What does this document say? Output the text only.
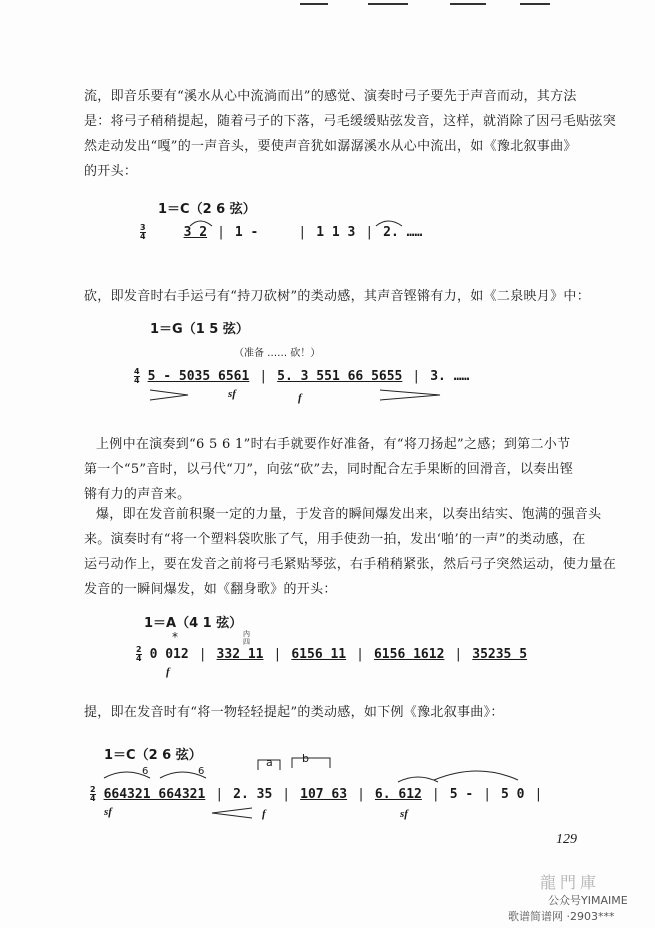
流，即音乐要有“溪水从心中流淌而出”的感觉、演奏时弓子要先于声音而动，其方法
是：将弓子稍稍提起，随着弓子的下落，弓毛缓缓贴弦发音，这样，就消除了因弓毛贴弦突
然走动发出“嘎”的一声音头，要使声音犹如潺潺溪水从心中流出，如《豫北叙事曲》
的开头：

1＝C（2 6 弦）
$\frac{3}{4}$	3 2 | 1 -	| 1 1 3 | 2. ……

砍，即发音时右手运弓有“持刀砍树”的类动感，其声音铿锵有力，如《二泉映月》中：

1＝G（1 5 弦）
（准备 …… 砍！）
$\frac{4}{4} 5 - 5035$ 6561 | 5. 3 551 66 5655 | 3. ……
sf	f

上例中在演奏到“6 5 6 1”时右手就要作好准备，有“将刀扬起”之感；到第二小节
第一个“5”音时，以弓代“刀”，向弦“砍”去，同时配合左手果断的回滑音，以奏出铿
锵有力的声音来。

爆，即在发音前积聚一定的力量，于发音的瞬间爆发出来，以奏出结实、饱满的强音头
来。演奏时有“将一个塑料袋吹胀了气，用手使劲一拍，发出‘啪’的一声”的类动感，在
运弓动作上，要在发音之前将弓毛紧贴琴弦，右手稍稍紧张，然后弓子突然运动，使力量在
发音的一瞬间爆发，如《翻身歌》的开头：

1＝A（4 1 弦）
*	内四
$\frac{2}{4} 0$ 012 | 332 11 | 6156 11 | 6156 1612 | 35235 5
f

提，即在发音时有“将一物轻轻提起”的类动感，如下例《豫北叙事曲》：

1＝C（2 6 弦）
6	6
a	b
$\frac{2}{4} 664321$ 664321 | 2. 35 | 107 63 | 6. 612 | 5 - | 5 0 |
sf	f	sf
129
龍門庫
公众号YIMAIME
歌谱简谱网 ·2903***
